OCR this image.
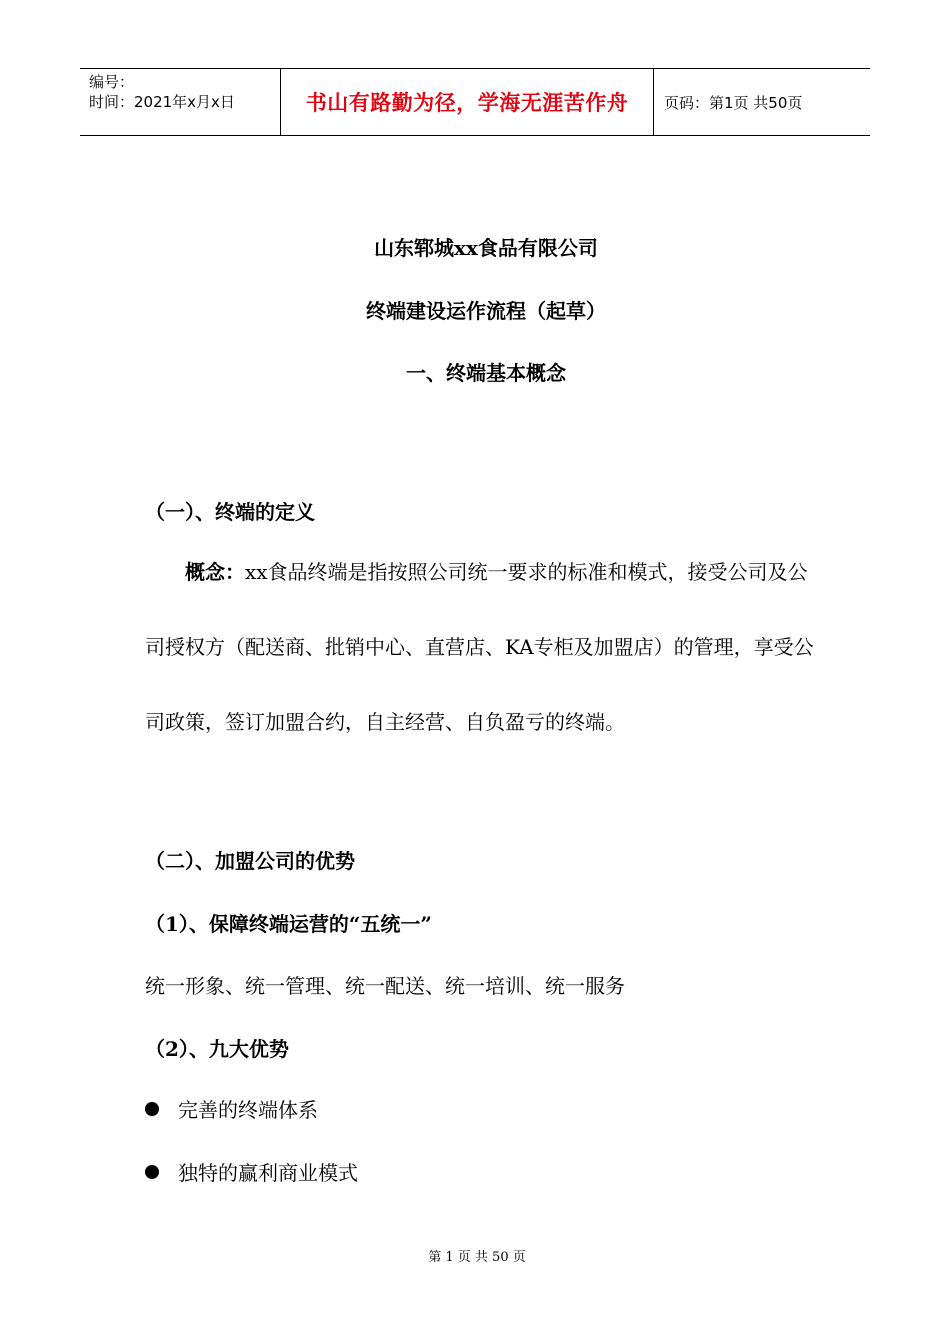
编号：
时间：2021年x月x日	书山有路勤为径，学海无涯苦作舟	页码：第1页 共50页
山东郓城xx食品有限公司
终端建设运作流程（起草）
一、终端基本概念
（一）、终端的定义
概念：xx食品终端是指按照公司统一要求的标准和模式，接受公司及公司授权方（配送商、批销中心、直营店、KA专柜及加盟店）的管理，享受公司政策，签订加盟合约，自主经营、自负盈亏的终端。
（二）、加盟公司的优势
（1）、保障终端运营的“五统一”
统一形象、统一管理、统一配送、统一培训、统一服务
（2）、九大优势
完善的终端体系
独特的赢利商业模式
第 1 页 共 50 页
